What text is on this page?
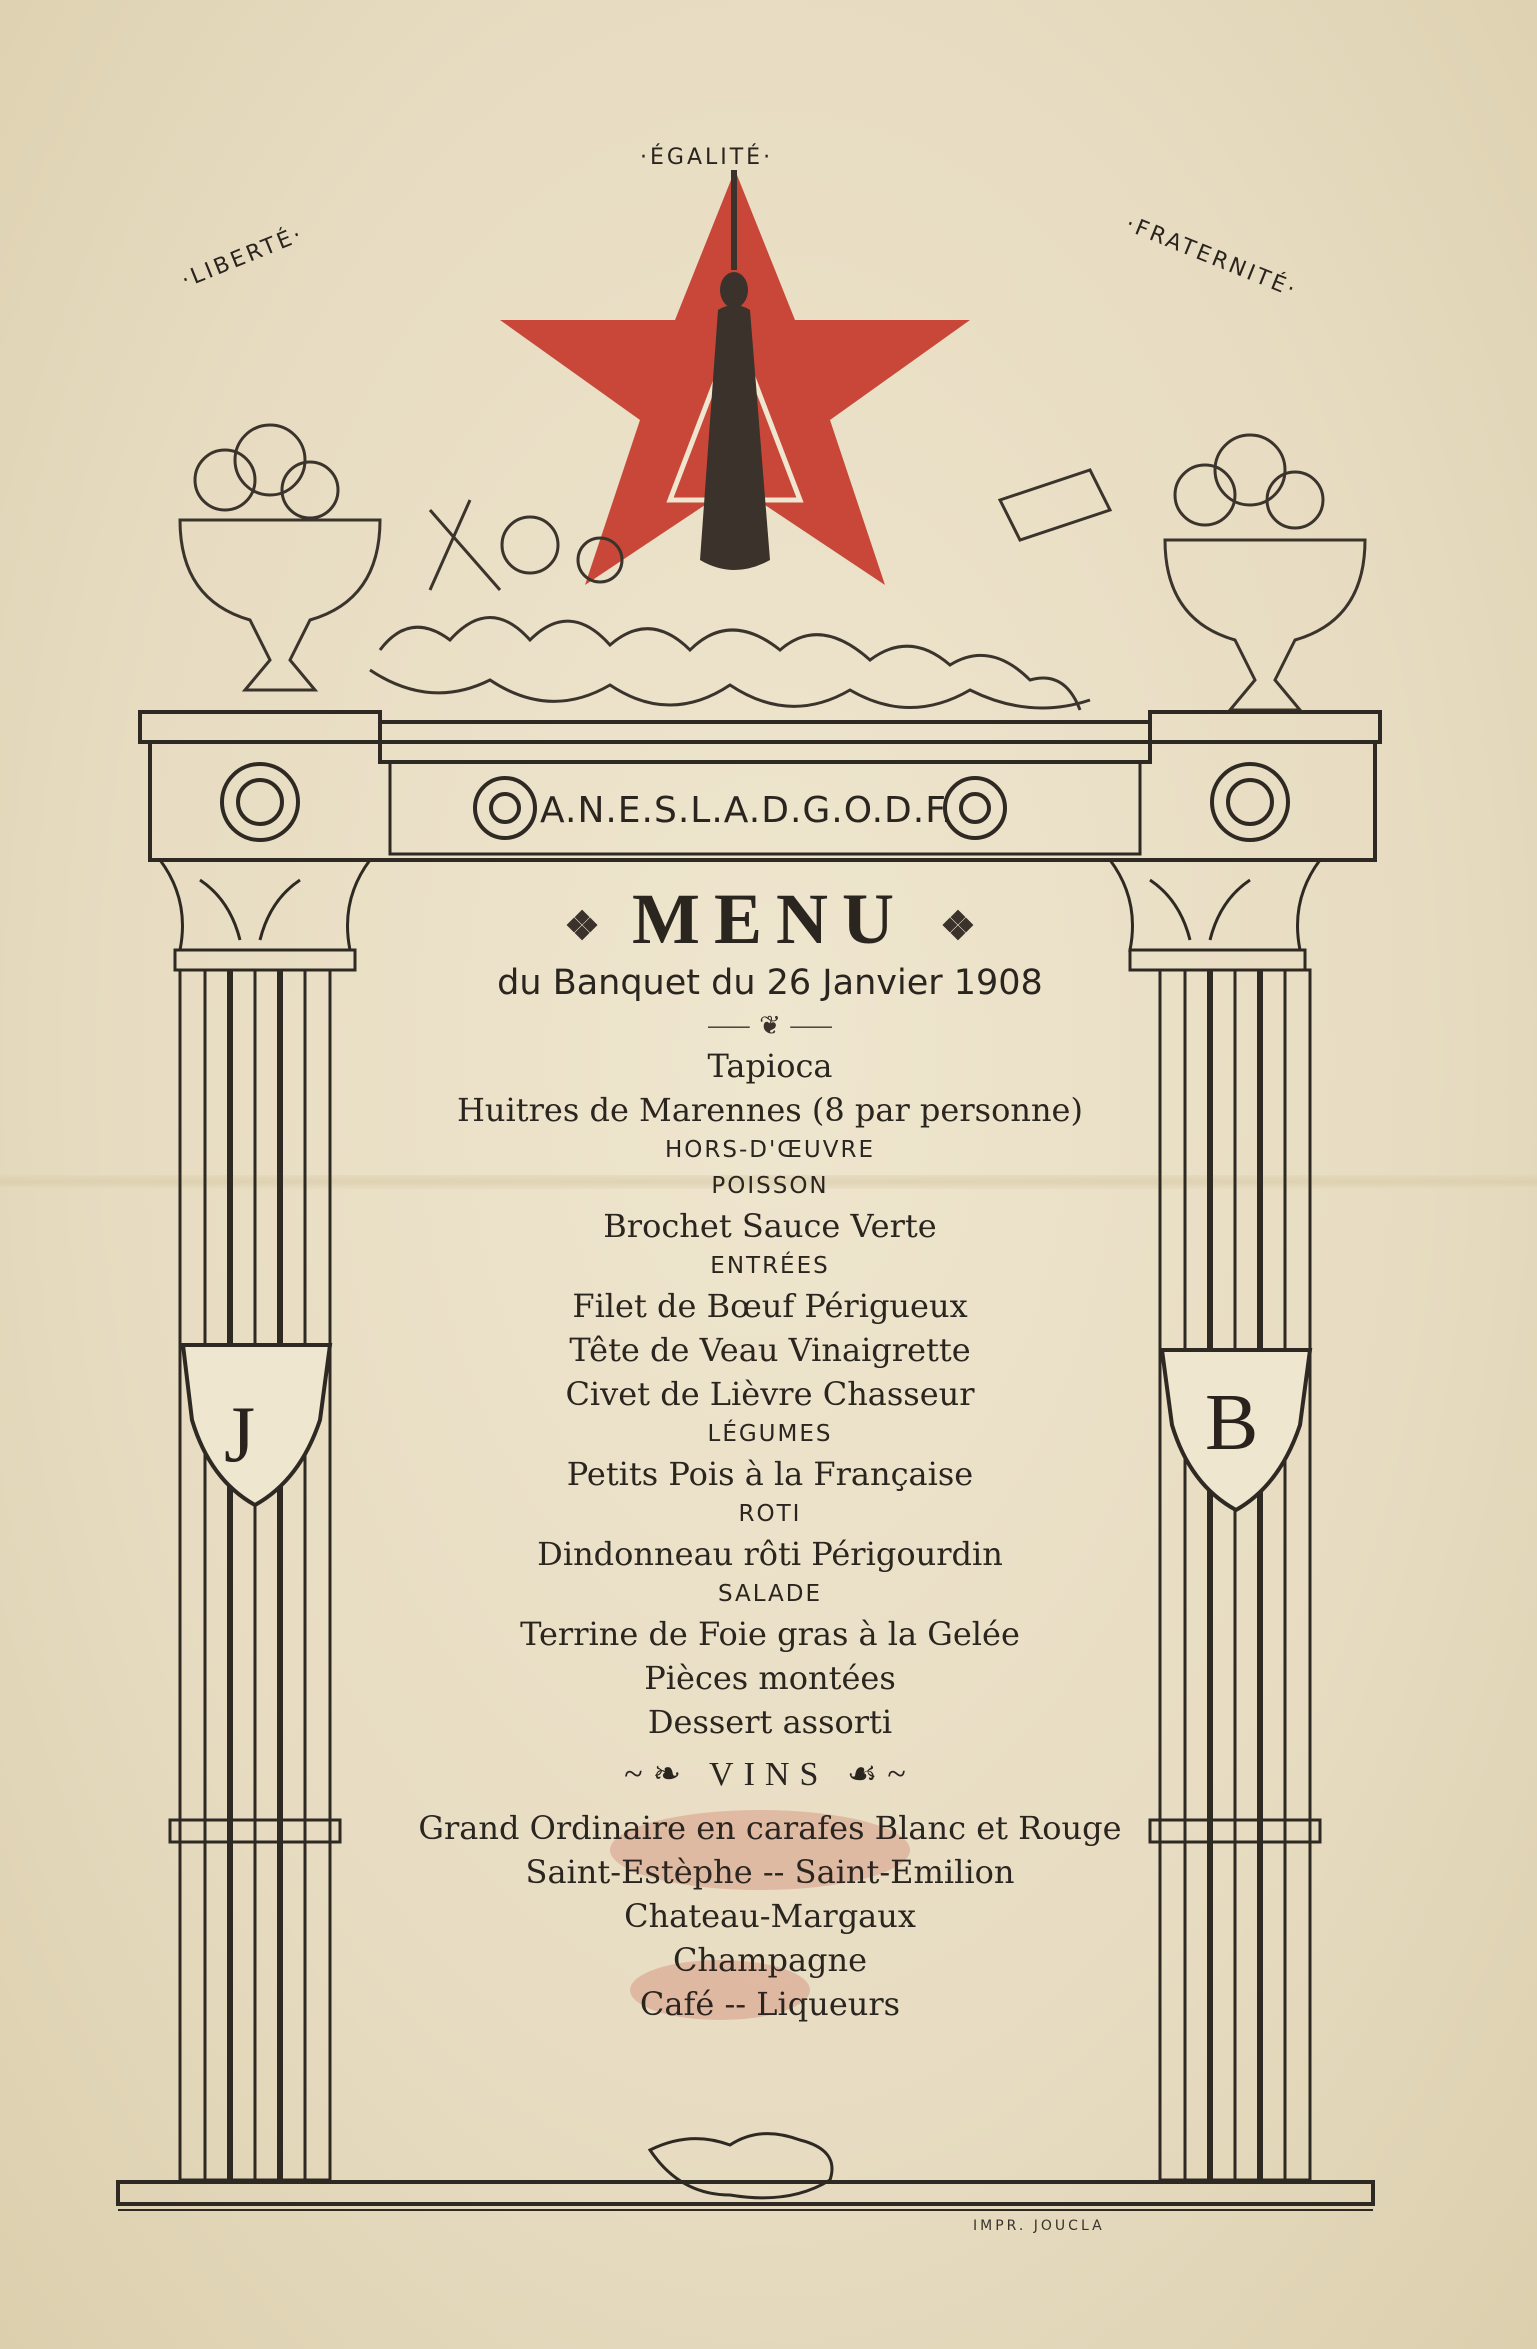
·LIBERTÉ·
·ÉGALITÉ·
·FRATERNITÉ·
A.N.E.S.L.A.D.G.O.D.F.
J	B
❖ MENU ❖
du Banquet du 26 Janvier 1908
⸺ ❦ ⸺
Tapioca
Huitres de Marennes (8 par personne)
HORS-D'ŒUVRE
POISSON
Brochet Sauce Verte
ENTRÉES
Filet de Bœuf Périgueux
Tête de Veau Vinaigrette
Civet de Lièvre Chasseur
LÉGUMES
Petits Pois à la Française
ROTI
Dindonneau rôti Périgourdin
SALADE
Terrine de Foie gras à la Gelée
Pièces montées
Dessert assorti
~❧ VINS ☙~
Grand Ordinaire en carafes Blanc et Rouge
Saint-Estèphe -- Saint-Emilion
Chateau-Margaux
Champagne
Café -- Liqueurs
IMPR. JOUCLA
